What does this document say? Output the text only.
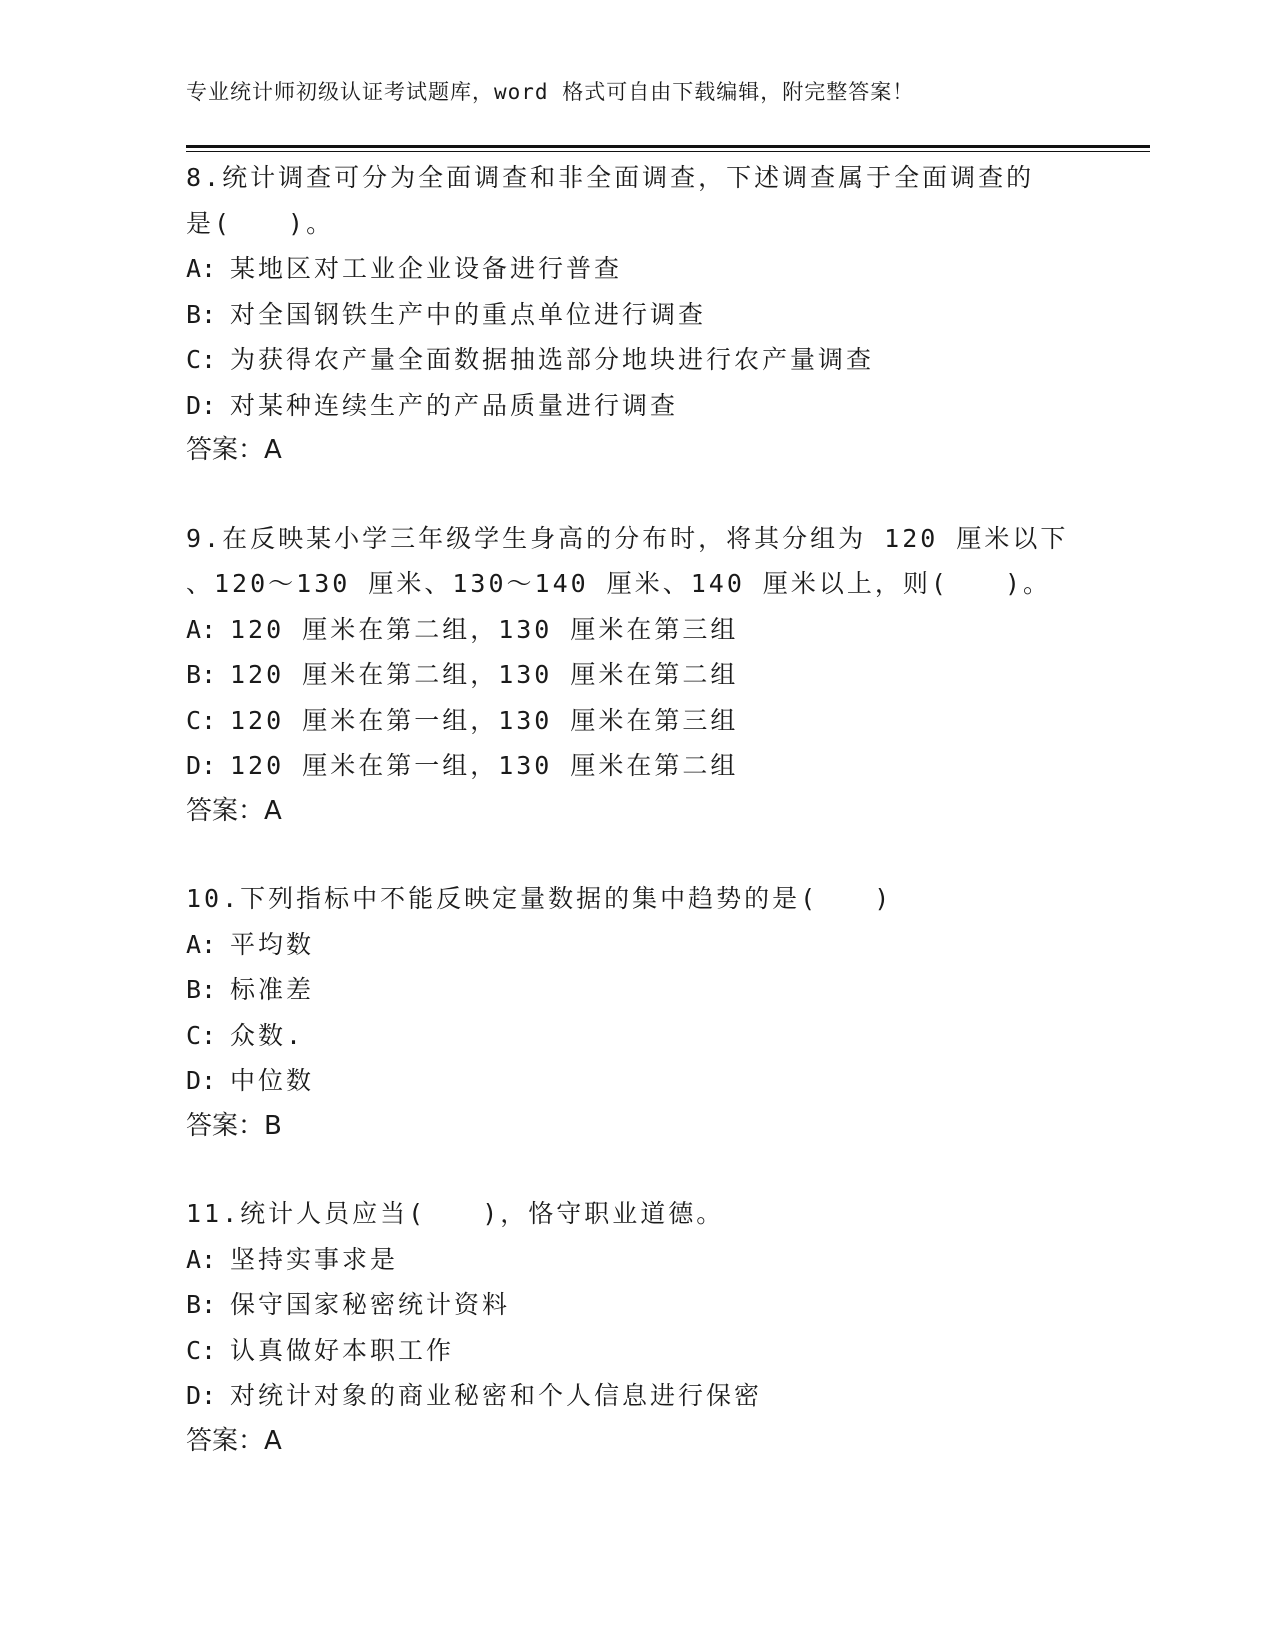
专业统计师初级认证考试题库，word 格式可自由下载编辑，附完整答案！
8.统计调查可分为全面调查和非全面调查，下述调查属于全面调查的
是(　　)。
A: 某地区对工业企业设备进行普查
B: 对全国钢铁生产中的重点单位进行调查
C: 为获得农产量全面数据抽选部分地块进行农产量调查
D: 对某种连续生产的产品质量进行调查
答案：A
9.在反映某小学三年级学生身高的分布时，将其分组为 120 厘米以下
、120～130 厘米、130～140 厘米、140 厘米以上，则(　　)。
A: 120 厘米在第二组，130 厘米在第三组
B: 120 厘米在第二组，130 厘米在第二组
C: 120 厘米在第一组，130 厘米在第三组
D: 120 厘米在第一组，130 厘米在第二组
答案：A
10.下列指标中不能反映定量数据的集中趋势的是(　　)
A: 平均数
B: 标准差
C: 众数.
D: 中位数
答案：B
11.统计人员应当(　　)，恪守职业道德。
A: 坚持实事求是
B: 保守国家秘密统计资料
C: 认真做好本职工作
D: 对统计对象的商业秘密和个人信息进行保密
答案：A
